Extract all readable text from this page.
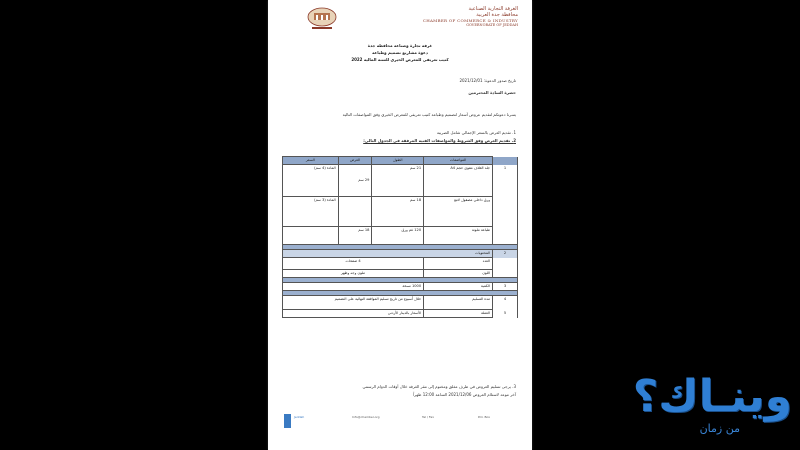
الغرفة التجارية الصناعية
محافظة جدة العربية
CHAMBER OF COMMERCE & INDUSTRY
GOVERNORATE OF JEDDAH
غرفة تجارة وصناعة محافظة جدة
دعوة مشاريع تصميم وطباعة
كتيب تعريفي للمعرض الخيري للسنة المالية 2022
تاريخ صدور الدعوة: 2021/12/01
حضرة السادة المحترمين
يسرنا دعوتكم لتقديم عروض أسعار لتصميم وطباعة كتيب تعريفي للمعرض الخيري وفق المواصفات التالية
1. تقديم العرض بالسعر الإجمالي شامل الضريبة
2. تقديم العرض وفق الشروط والمواصفات الفنية المرفقة في الجدول التالي:
	المواصفات	الطول	العرض	السعر
1	جلد الغلاف مقوى حجم A4	21 سم	29 سم	المادة (4 سم)
	ورق داخلي مصقول لامع	18 سم		المادة (3 سم)
	طباعة ملونة	120 غم ورق	18 سم	

2	المحتويات			
	العدد	4 صفحات		
	اللون	ملون وجه وظهر		

3	الكمية	1000 نسخة		

4	مدة التسليم	خلال أسبوع من تاريخ تسليم الموافقة النهائية على التصميم		
5	العملة	الأسعار بالدينار الأردني		
3. يرجى تسليم العروض في ظرف مغلق ومختوم إلى مقر الغرفة خلال أوقات الدوام الرسمي
آخر موعد لاستلام العروض 2021/12/06 الساعة 12:00 ظهراً
Jeddah	Info@chamber.org	Tel / Fax	P.O. Box	وينـاك؟
من زمان
